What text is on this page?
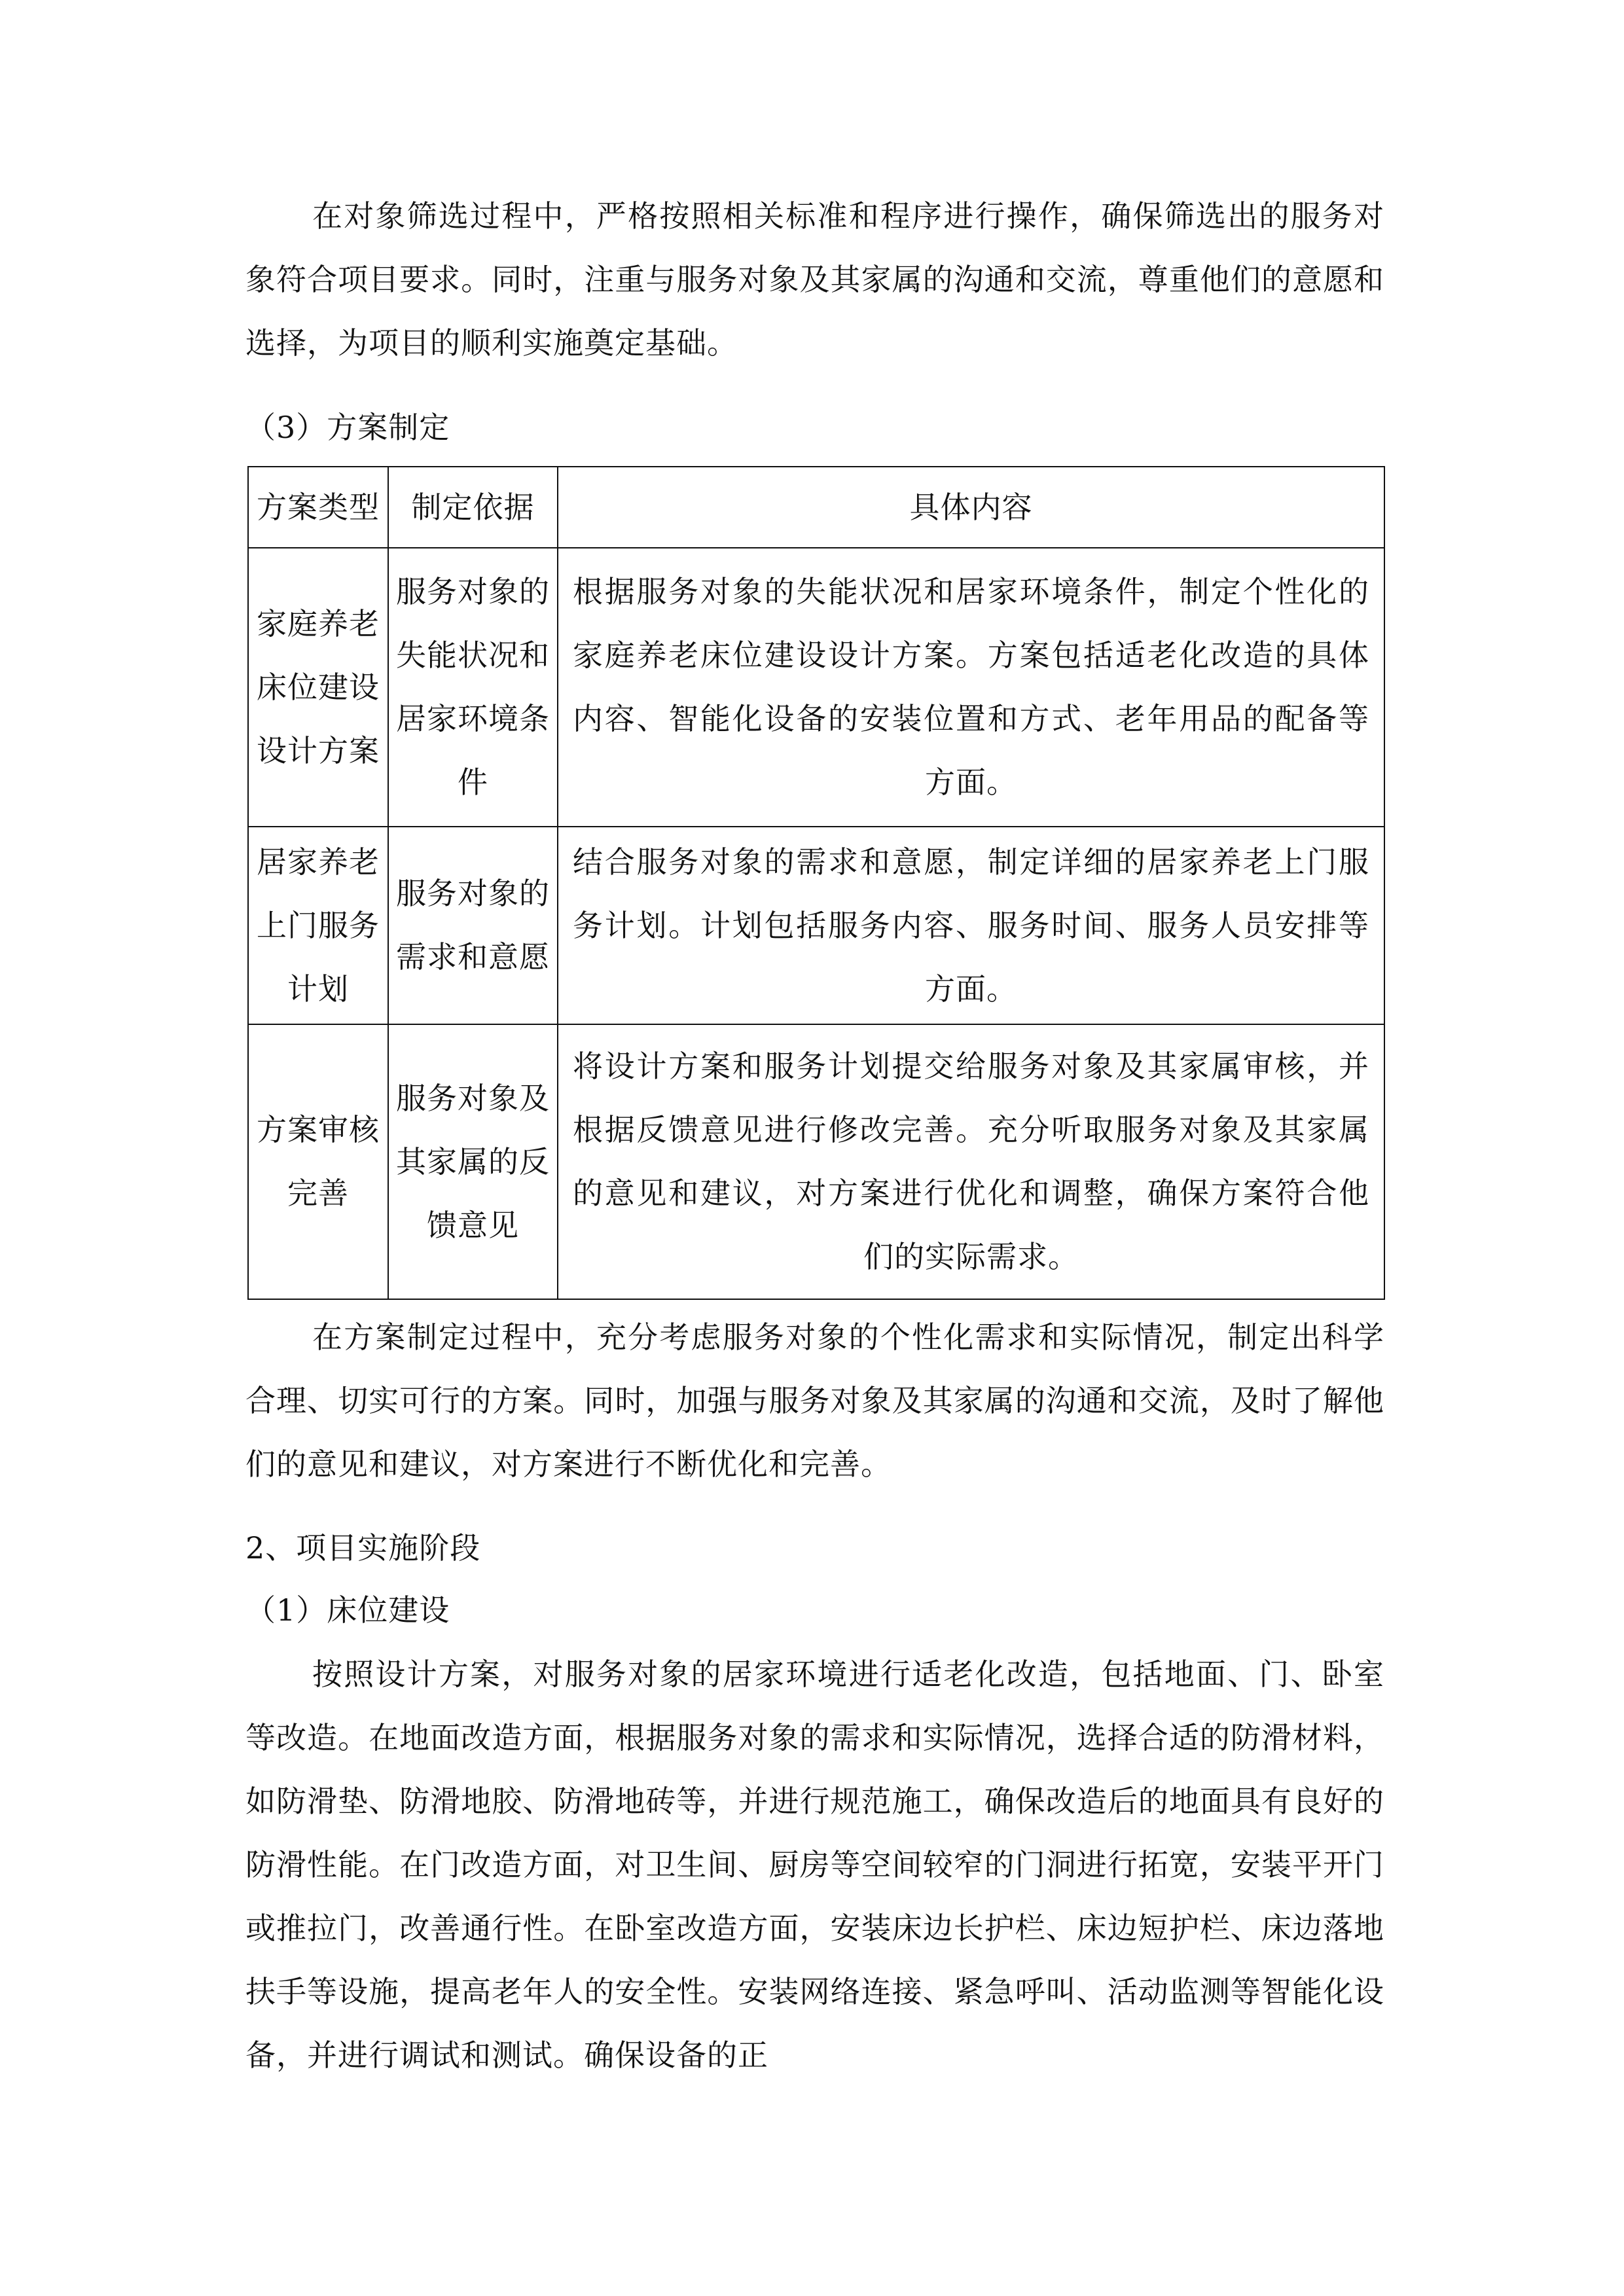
在对象筛选过程中，严格按照相关标准和程序进行操作，确保筛选出的服务对象符合项目要求。同时，注重与服务对象及其家属的沟通和交流，尊重他们的意愿和选择，为项目的顺利实施奠定基础。

（3）方案制定

方案类型	制定依据	具体内容
家庭养老床位建设设计方案	服务对象的失能状况和居家环境条件	根据服务对象的失能状况和居家环境条件，制定个性化的家庭养老床位建设设计方案。方案包括适老化改造的具体内容、智能化设备的安装位置和方式、老年用品的配备等方面。
居家养老上门服务计划	服务对象的需求和意愿	结合服务对象的需求和意愿，制定详细的居家养老上门服务计划。计划包括服务内容、服务时间、服务人员安排等方面。
方案审核完善	服务对象及其家属的反馈意见	将设计方案和服务计划提交给服务对象及其家属审核，并根据反馈意见进行修改完善。充分听取服务对象及其家属的意见和建议，对方案进行优化和调整，确保方案符合他们的实际需求。

在方案制定过程中，充分考虑服务对象的个性化需求和实际情况，制定出科学合理、切实可行的方案。同时，加强与服务对象及其家属的沟通和交流，及时了解他们的意见和建议，对方案进行不断优化和完善。

2、项目实施阶段

（1）床位建设

按照设计方案，对服务对象的居家环境进行适老化改造，包括地面、门、卧室等改造。在地面改造方面，根据服务对象的需求和实际情况，选择合适的防滑材料，如防滑垫、防滑地胶、防滑地砖等，并进行规范施工，确保改造后的地面具有良好的防滑性能。在门改造方面，对卫生间、厨房等空间较窄的门洞进行拓宽，安装平开门或推拉门，改善通行性。在卧室改造方面，安装床边长护栏、床边短护栏、床边落地扶手等设施，提高老年人的安全性。安装网络连接、紧急呼叫、活动监测等智能化设备，并进行调试和测试。确保设备的正
